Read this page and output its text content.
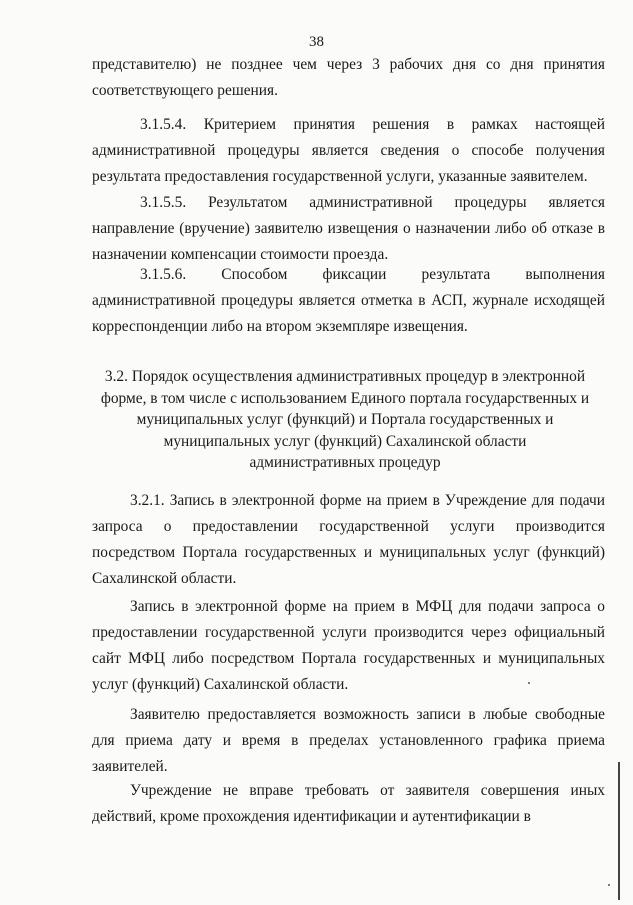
38

представителю) не позднее чем через 3 рабочих дня со дня принятия соответствующего решения.

3.1.5.4. Критерием принятия решения в рамках настоящей административной процедуры является сведения о способе получения результата предоставления государственной услуги, указанные заявителем.

3.1.5.5. Результатом административной процедуры является направление (вручение) заявителю извещения о назначении либо об отказе в назначении компенсации стоимости проезда.

3.1.5.6. Способом фиксации результата выполнения административной процедуры является отметка в АСП, журнале исходящей корреспонденции либо на втором экземпляре извещения.

3.2. Порядок осуществления административных процедур в электронной форме, в том числе с использованием Единого портала государственных и муниципальных услуг (функций) и Портала государственных и муниципальных услуг (функций) Сахалинской области административных процедур

3.2.1. Запись в электронной форме на прием в Учреждение для подачи запроса о предоставлении государственной услуги производится посредством Портала государственных и муниципальных услуг (функций) Сахалинской области.

Запись в электронной форме на прием в МФЦ для подачи запроса о предоставлении государственной услуги производится через официальный сайт МФЦ либо посредством Портала государственных и муниципальных услуг (функций) Сахалинской области.

Заявителю предоставляется возможность записи в любые свободные для приема дату и время в пределах установленного графика приема заявителей.

Учреждение не вправе требовать от заявителя совершения иных действий, кроме прохождения идентификации и аутентификации в
